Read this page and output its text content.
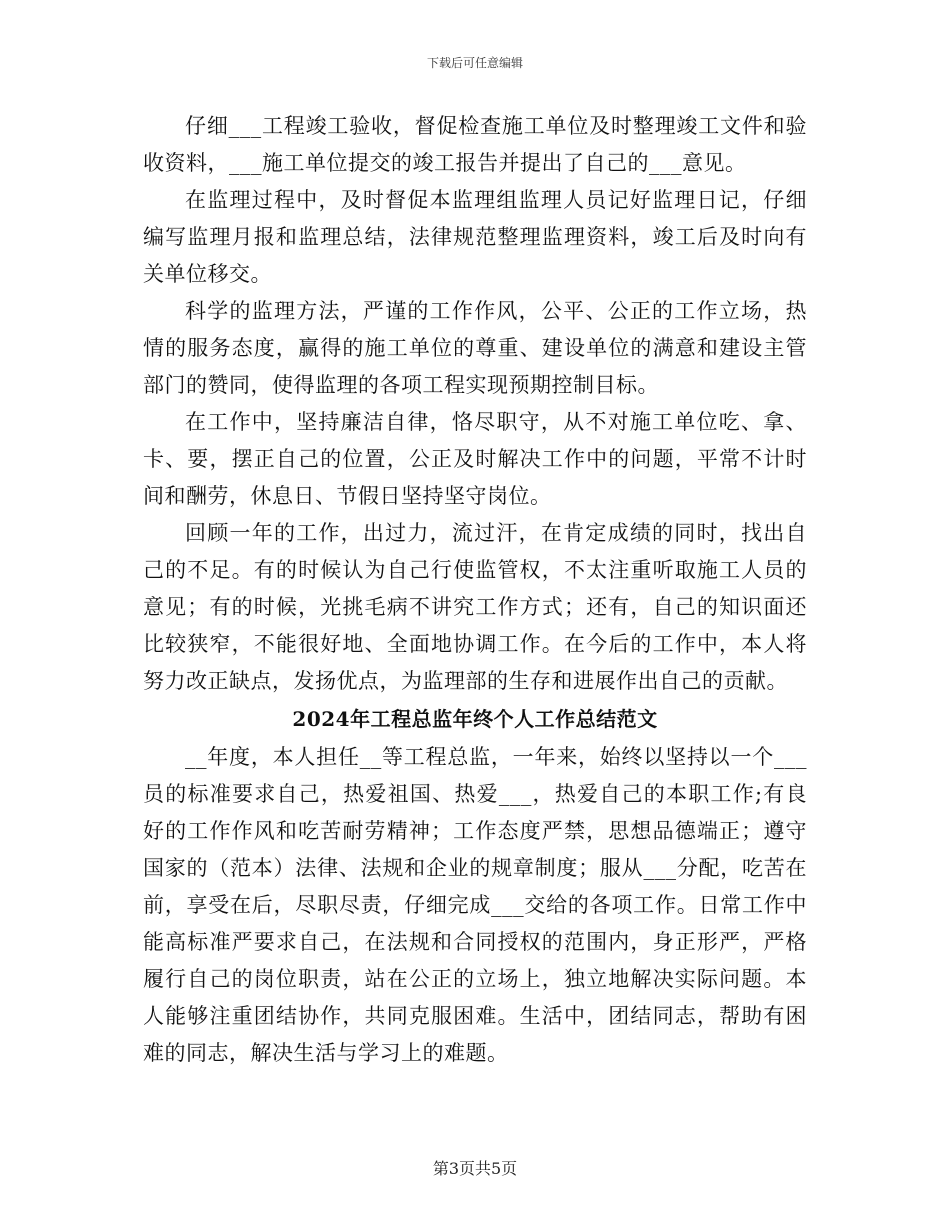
下载后可任意编辑

仔细___工程竣工验收，督促检查施工单位及时整理竣工文件和验收资料，___施工单位提交的竣工报告并提出了自己的___意见。

在监理过程中，及时督促本监理组监理人员记好监理日记，仔细编写监理月报和监理总结，法律规范整理监理资料，竣工后及时向有关单位移交。

科学的监理方法，严谨的工作作风，公平、公正的工作立场，热情的服务态度，赢得的施工单位的尊重、建设单位的满意和建设主管部门的赞同，使得监理的各项工程实现预期控制目标。

在工作中，坚持廉洁自律，恪尽职守，从不对施工单位吃、拿、卡、要，摆正自己的位置，公正及时解决工作中的问题，平常不计时间和酬劳，休息日、节假日坚持坚守岗位。

回顾一年的工作，出过力，流过汗，在肯定成绩的同时，找出自己的不足。有的时候认为自己行使监管权，不太注重听取施工人员的意见；有的时候，光挑毛病不讲究工作方式；还有，自己的知识面还比较狭窄，不能很好地、全面地协调工作。在今后的工作中，本人将努力改正缺点，发扬优点，为监理部的生存和进展作出自己的贡献。

2024年工程总监年终个人工作总结范文

__年度，本人担任__等工程总监，一年来，始终以坚持以一个___员的标准要求自己，热爱祖国、热爱___，热爱自己的本职工作;有良好的工作作风和吃苦耐劳精神；工作态度严禁，思想品德端正；遵守国家的（范本）法律、法规和企业的规章制度；服从___分配，吃苦在前，享受在后，尽职尽责，仔细完成___交给的各项工作。日常工作中能高标准严要求自己，在法规和合同授权的范围内，身正形严，严格履行自己的岗位职责，站在公正的立场上，独立地解决实际问题。本人能够注重团结协作，共同克服困难。生活中，团结同志，帮助有困难的同志，解决生活与学习上的难题。

第3页共5页
